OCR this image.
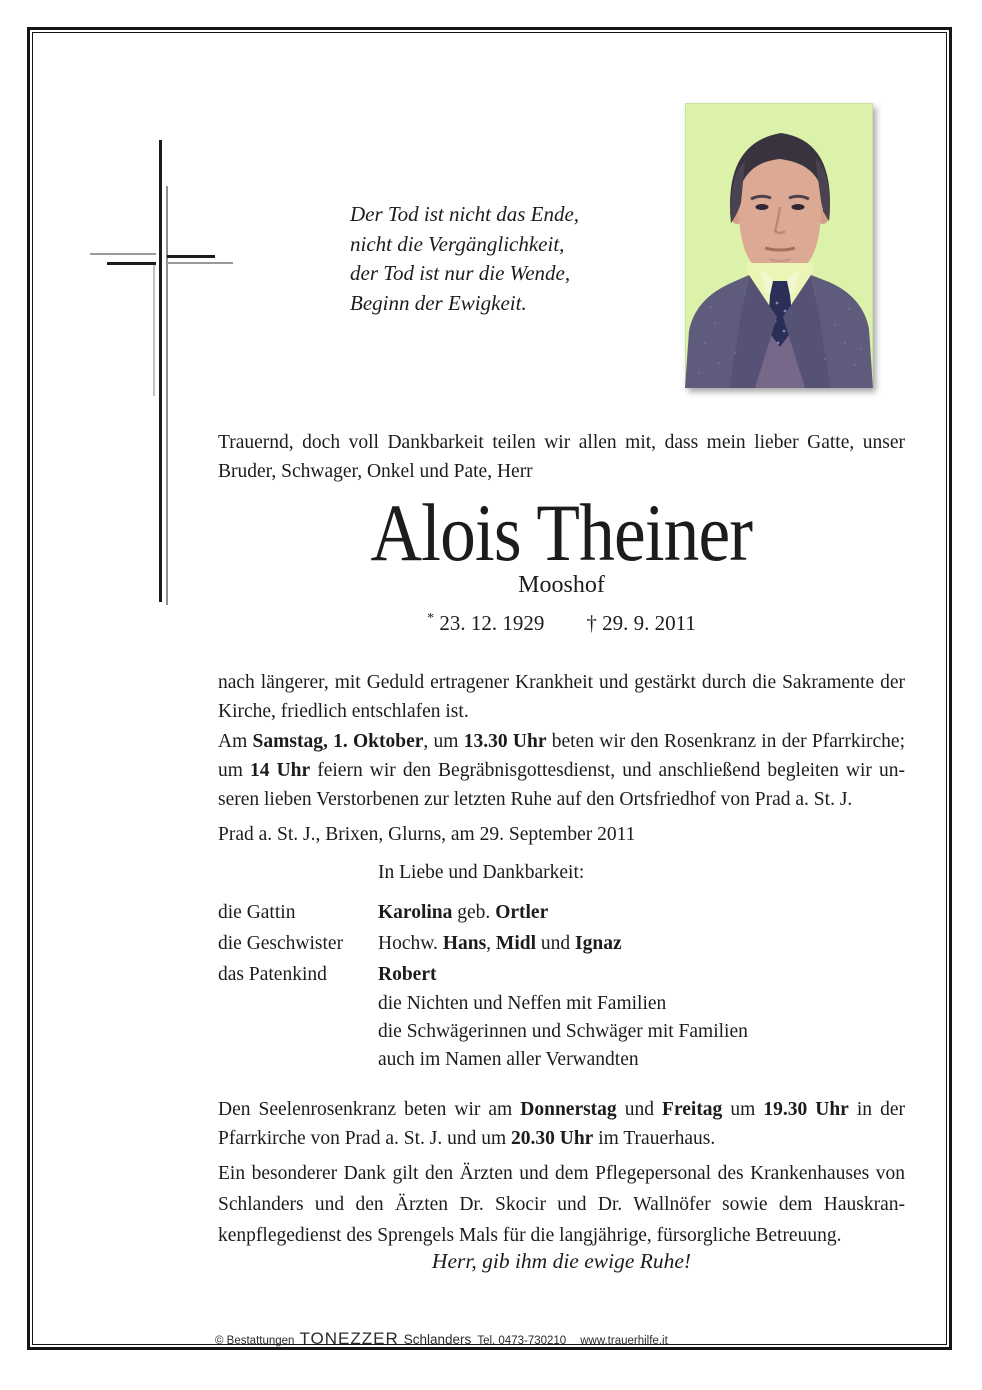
Der Tod ist nicht das Ende,
nicht die Vergänglichkeit,
der Tod ist nur die Wende,
Beginn der Ewigkeit.
Trauernd, doch voll Dankbarkeit teilen wir allen mit, dass mein lieber Gatte, unser Bruder, Schwager, Onkel und Pate, Herr
Alois Theiner
Mooshof
* 23. 12. 1929 † 29. 9. 2011
nach längerer, mit Geduld ertragener Krankheit und gestärkt durch die Sakramente der Kirche, friedlich entschlafen ist.
Am Samstag, 1. Oktober, um 13.30 Uhr beten wir den Rosenkranz in der Pfarrkirche; um 14 Uhr feiern wir den Begräbnisgottesdienst, und anschließend begleiten wir unseren lieben Verstorbenen zur letzten Ruhe auf den Ortsfriedhof von Prad a. St. J.
Prad a. St. J., Brixen, Glurns, am 29. September 2011
In Liebe und Dankbarkeit:
die Gattin	Karolina geb. Ortler
die Geschwister Hochw. Hans, Midl und Ignaz
das Patenkind	Robert
die Nichten und Neffen mit Familien
die Schwägerinnen und Schwäger mit Familien
auch im Namen aller Verwandten
Den Seelenrosenkranz beten wir am Donnerstag und Freitag um 19.30 Uhr in der Pfarrkirche von Prad a. St. J. und um 20.30 Uhr im Trauerhaus.
Ein besonderer Dank gilt den Ärzten und dem Pflegepersonal des Krankenhauses von Schlanders und den Ärzten Dr. Skocir und Dr. Wallnöfer sowie dem Hauskrankenpflegedienst des Sprengels Mals für die langjährige, fürsorgliche Betreuung.
Herr, gib ihm die ewige Ruhe!
© Bestattungen TONEZZER Schlanders Tel. 0473-730210 www.trauerhilfe.it
